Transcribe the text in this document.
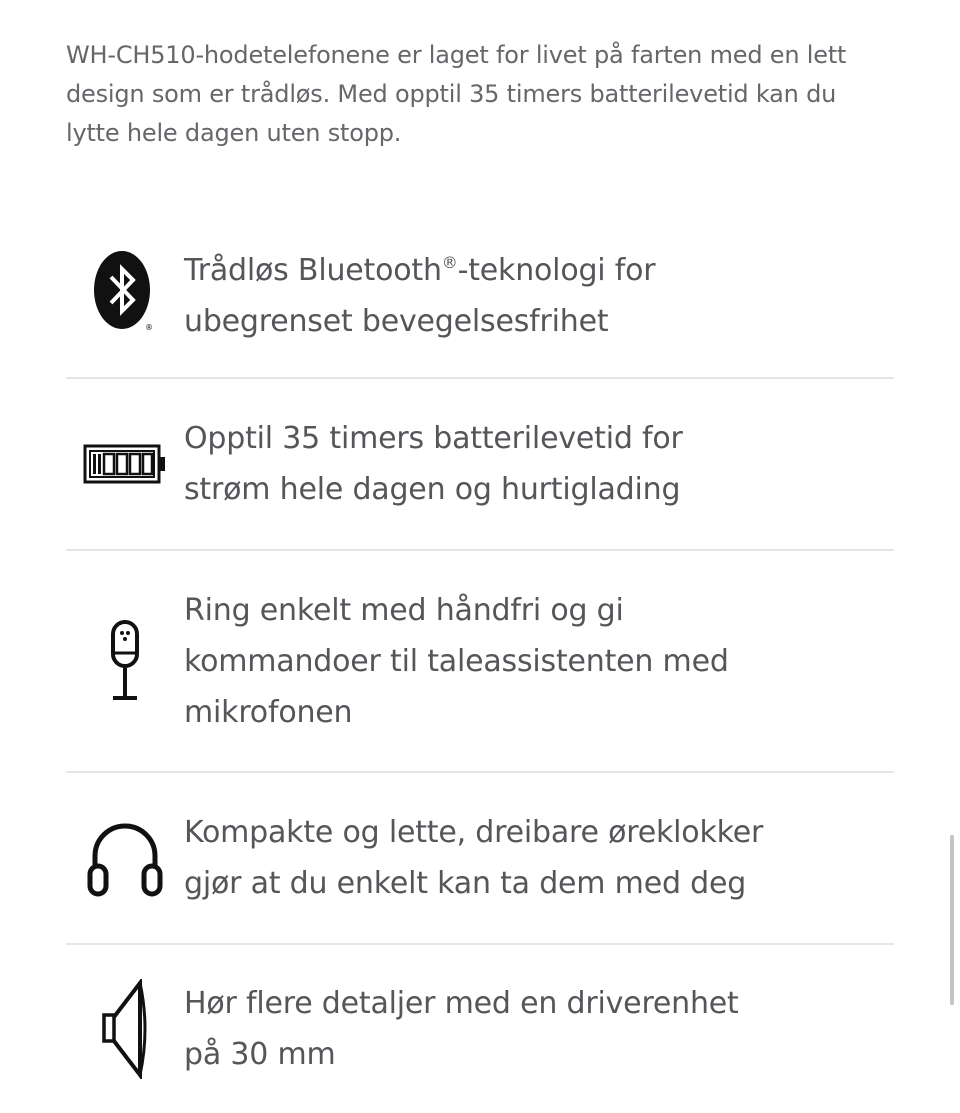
WH-CH510-hodetelefonene er laget for livet på farten med en lett design som er trådløs. Med opptil 35 timers batterilevetid kan du lytte hele dagen uten stopp.

®
Trådløs Bluetooth®-teknologi for ubegrenset bevegelsesfrihet
Opptil 35 timers batterilevetid for strøm hele dagen og hurtiglading
Ring enkelt med håndfri og gi kommandoer til taleassistenten med mikrofonen
Kompakte og lette, dreibare øreklokker gjør at du enkelt kan ta dem med deg
Hør flere detaljer med en driverenhet på 30 mm
